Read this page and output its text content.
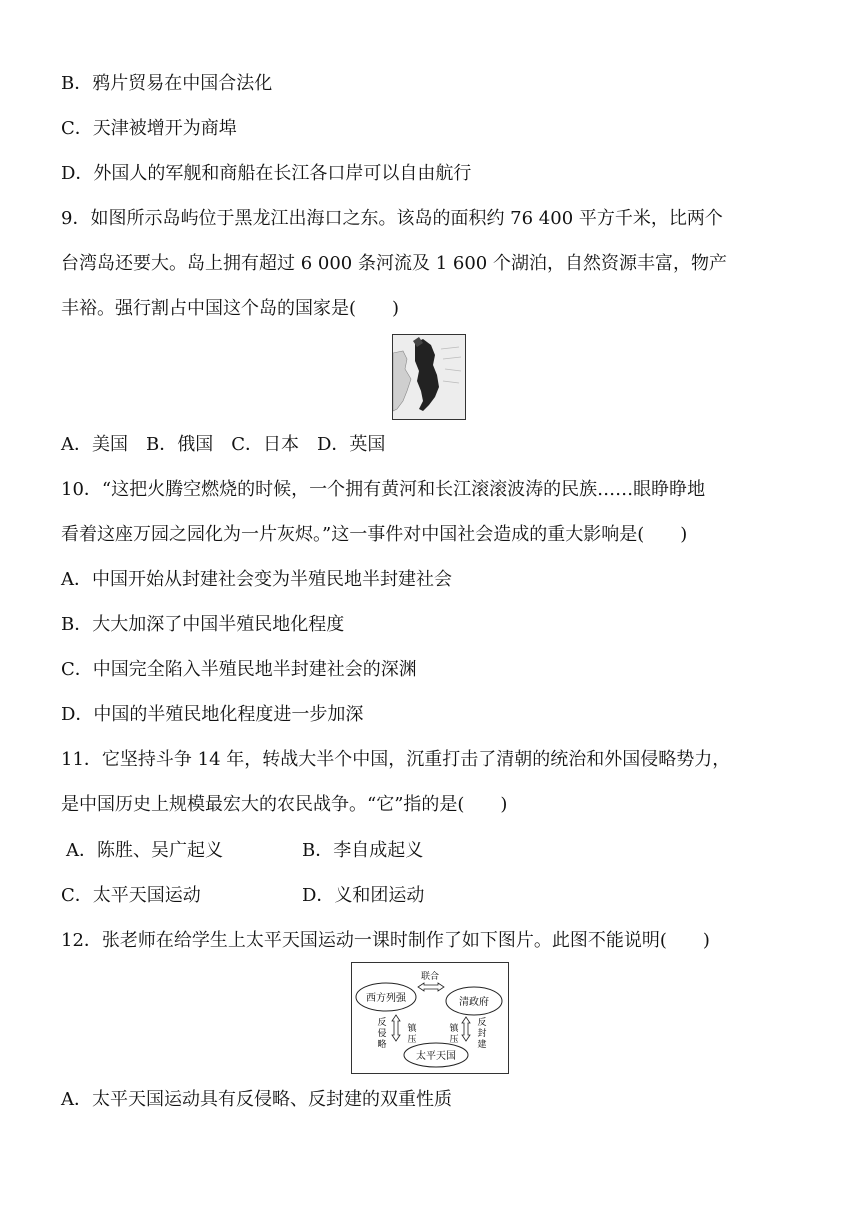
B．鸦片贸易在中国合法化
C．天津被增开为商埠
D．外国人的军舰和商船在长江各口岸可以自由航行
9．如图所示岛屿位于黑龙江出海口之东。该岛的面积约 76 400 平方千米，比两个
台湾岛还要大。岛上拥有超过 6 000 条河流及 1 600 个湖泊，自然资源丰富，物产
丰裕。强行割占中国这个岛的国家是(　　)
A．美国　B．俄国　C．日本　D．英国
10．“这把火腾空燃烧的时候，一个拥有黄河和长江滚滚波涛的民族……眼睁睁地
看着这座万园之园化为一片灰烬。”这一事件对中国社会造成的重大影响是(　　)
A．中国开始从封建社会变为半殖民地半封建社会
B．大大加深了中国半殖民地化程度
C．中国完全陷入半殖民地半封建社会的深渊
D．中国的半殖民地化程度进一步加深
11．它坚持斗争 14 年，转战大半个中国，沉重打击了清朝的统治和外国侵略势力，
是中国历史上规模最宏大的农民战争。“它”指的是(　　)
A．陈胜、吴广起义	B．李自成起义
C．太平天国运动	D．义和团运动
12．张老师在给学生上太平天国运动一课时制作了如下图片。此图不能说明(　　)
西方列强	清政府
太平天国
联合
反侵略
镇压
镇压
反封建
A．太平天国运动具有反侵略、反封建的双重性质
